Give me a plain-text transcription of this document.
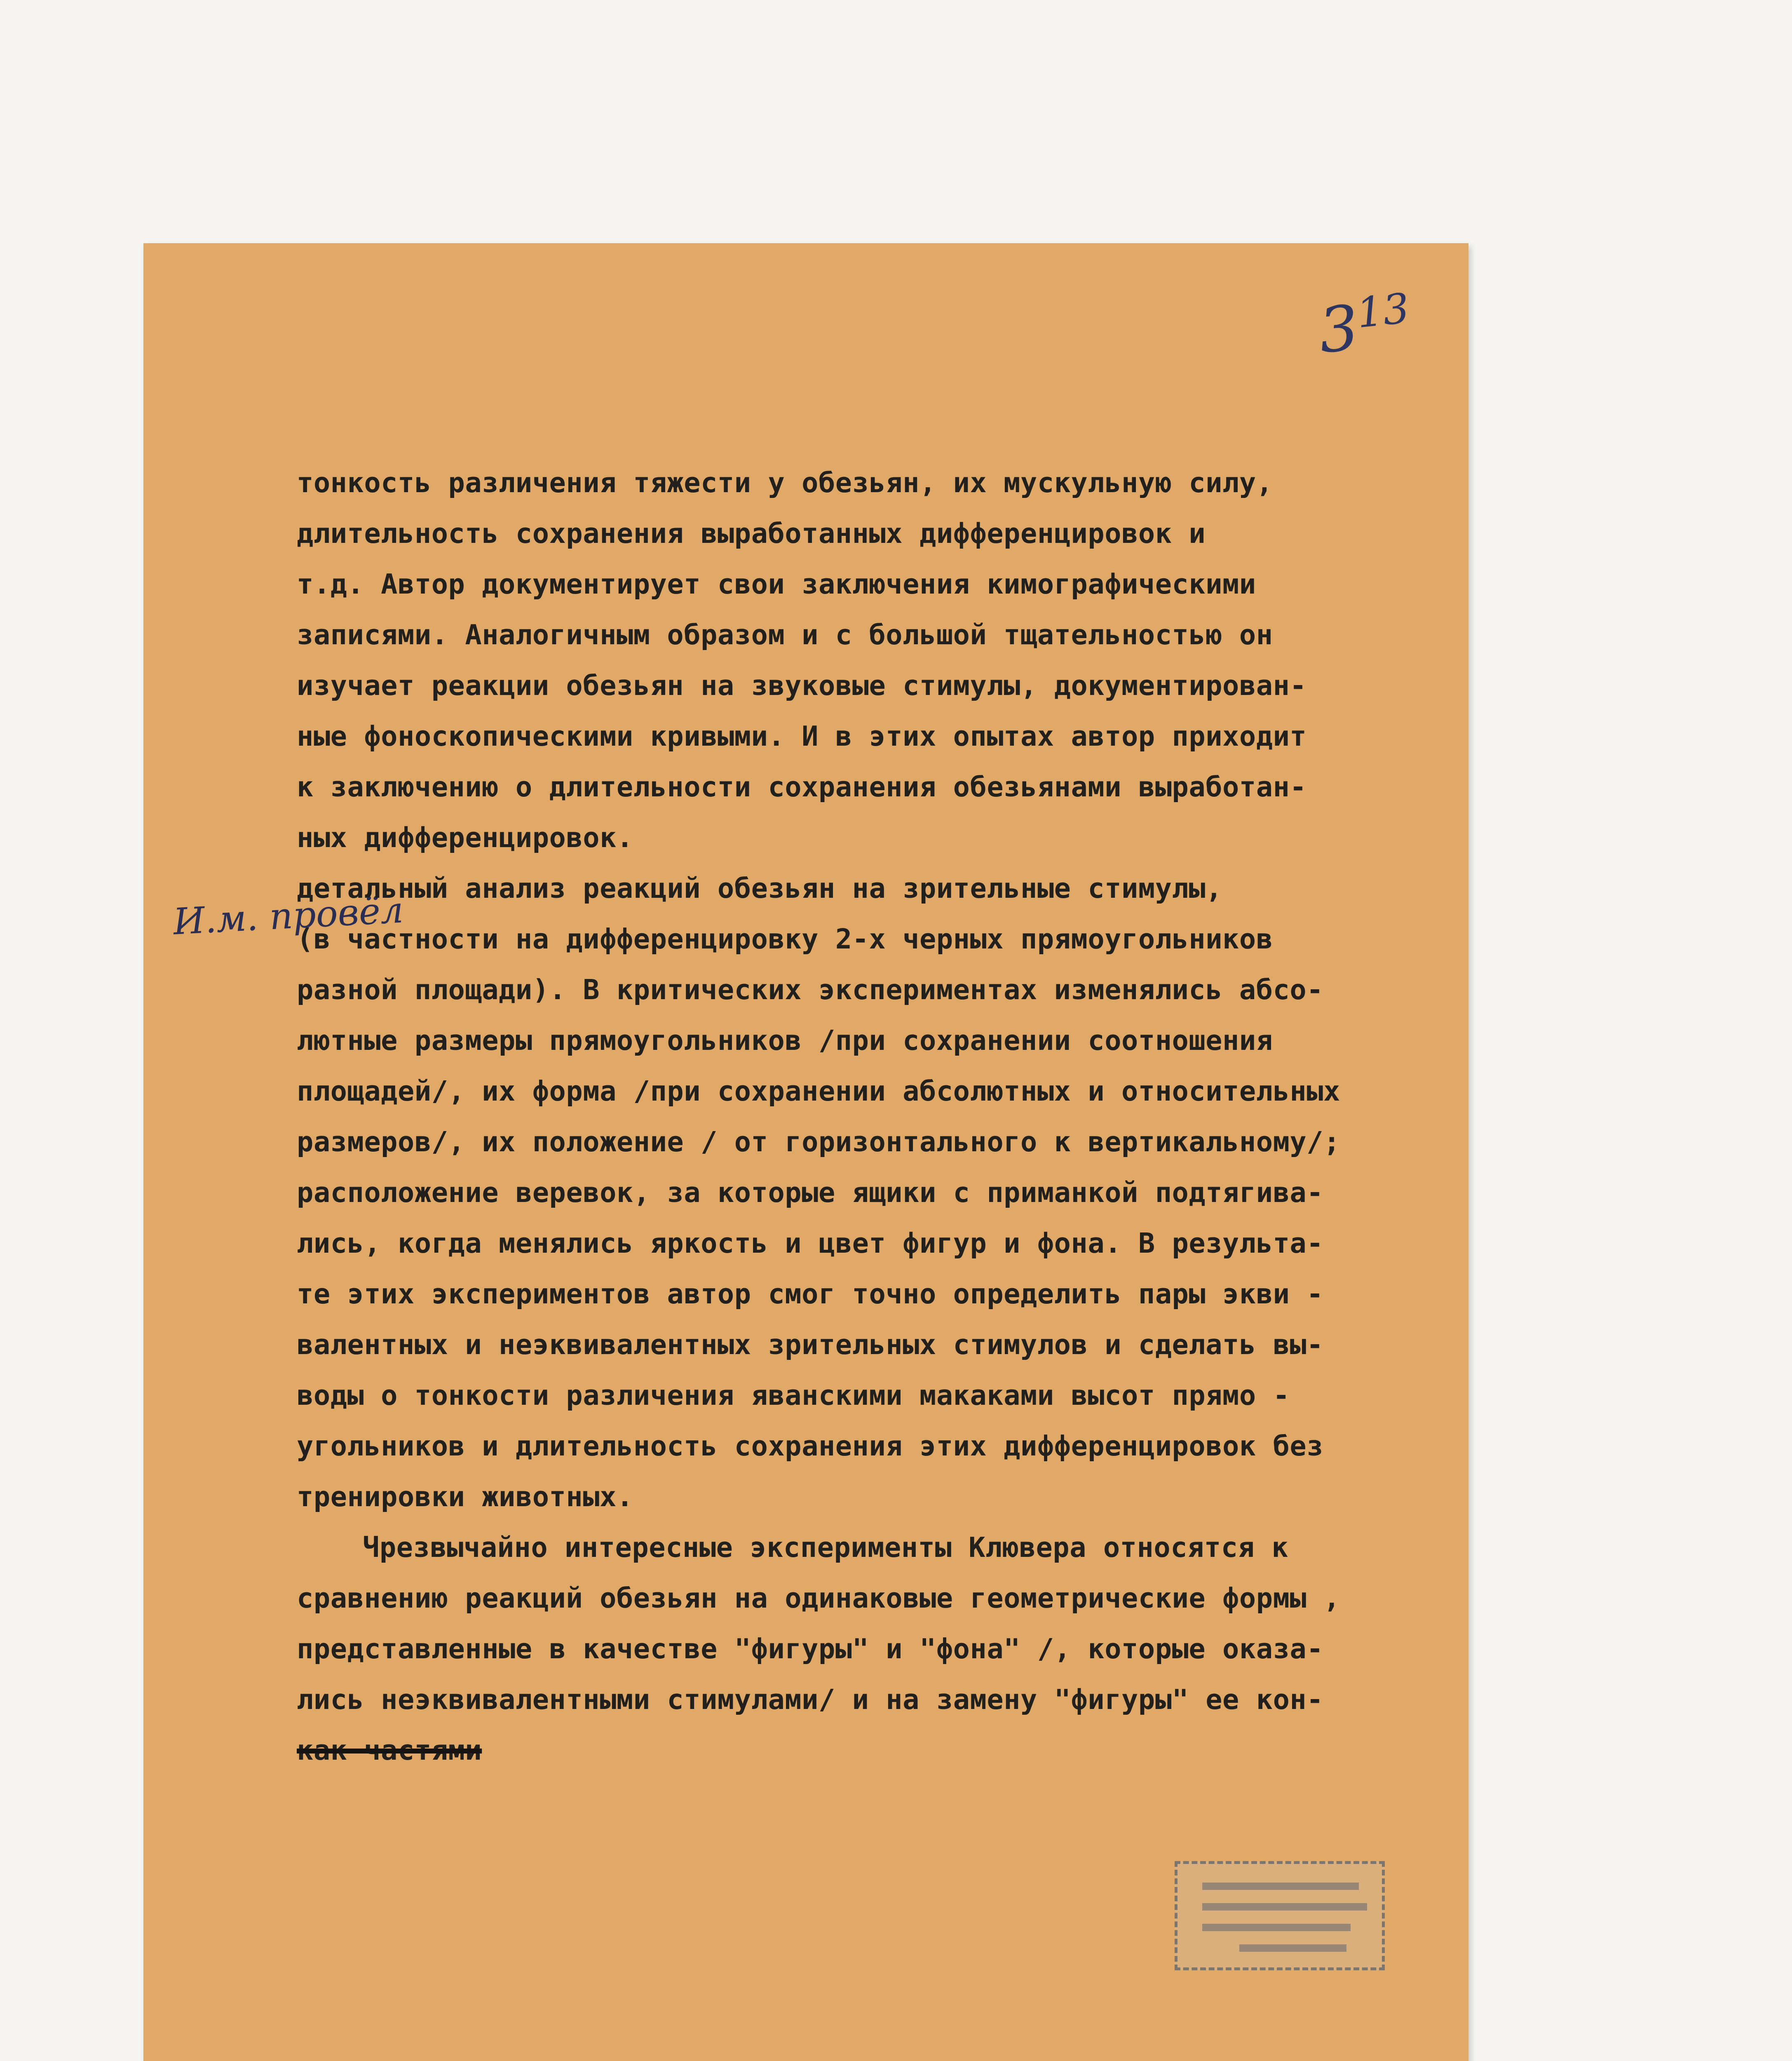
$3^{13}$
И.м. провёл
тонкость различения тяжести у обезьян, их мускульную силу,
длительность сохранения выработанных дифференцировок и
т.д. Автор документирует свои заключения кимографическими
записями. Аналогичным образом и с большой тщательностью он
изучает реакции обезьян на звуковые стимулы, документирован-
ные фоноскопическими кривыми. И в этих опытах автор приходит
к заключению о длительности сохранения обезьянами выработан-
ных дифференцировок.
детальный анализ реакций обезьян на зрительные стимулы,
(в частности на дифференцировку 2-х черных прямоугольников
разной площади). В критических экспериментах изменялись абсо-
лютные размеры прямоугольников /при сохранении соотношения
площадей/, их форма /при сохранении абсолютных и относительных
размеров/, их положение / от горизонтального к вертикальному/;
расположение веревок, за которые ящики с приманкой подтягива-
лись, когда менялись яркость и цвет фигур и фона. В результа-
те этих экспериментов автор смог точно определить пары экви -
валентных и неэквивалентных зрительных стимулов и сделать вы-
воды о тонкости различения яванскими макаками высот прямо -
угольников и длительность сохранения этих дифференцировок без
тренировки животных.
Чрезвычайно интересные эксперименты Клювера относятся к
сравнению реакций обезьян на одинаковые геометрические формы ,
представленные в качестве "фигуры" и "фона" /, которые оказа-
лись неэквивалентными стимулами/ и на замену "фигуры" ее кон-
как частями
